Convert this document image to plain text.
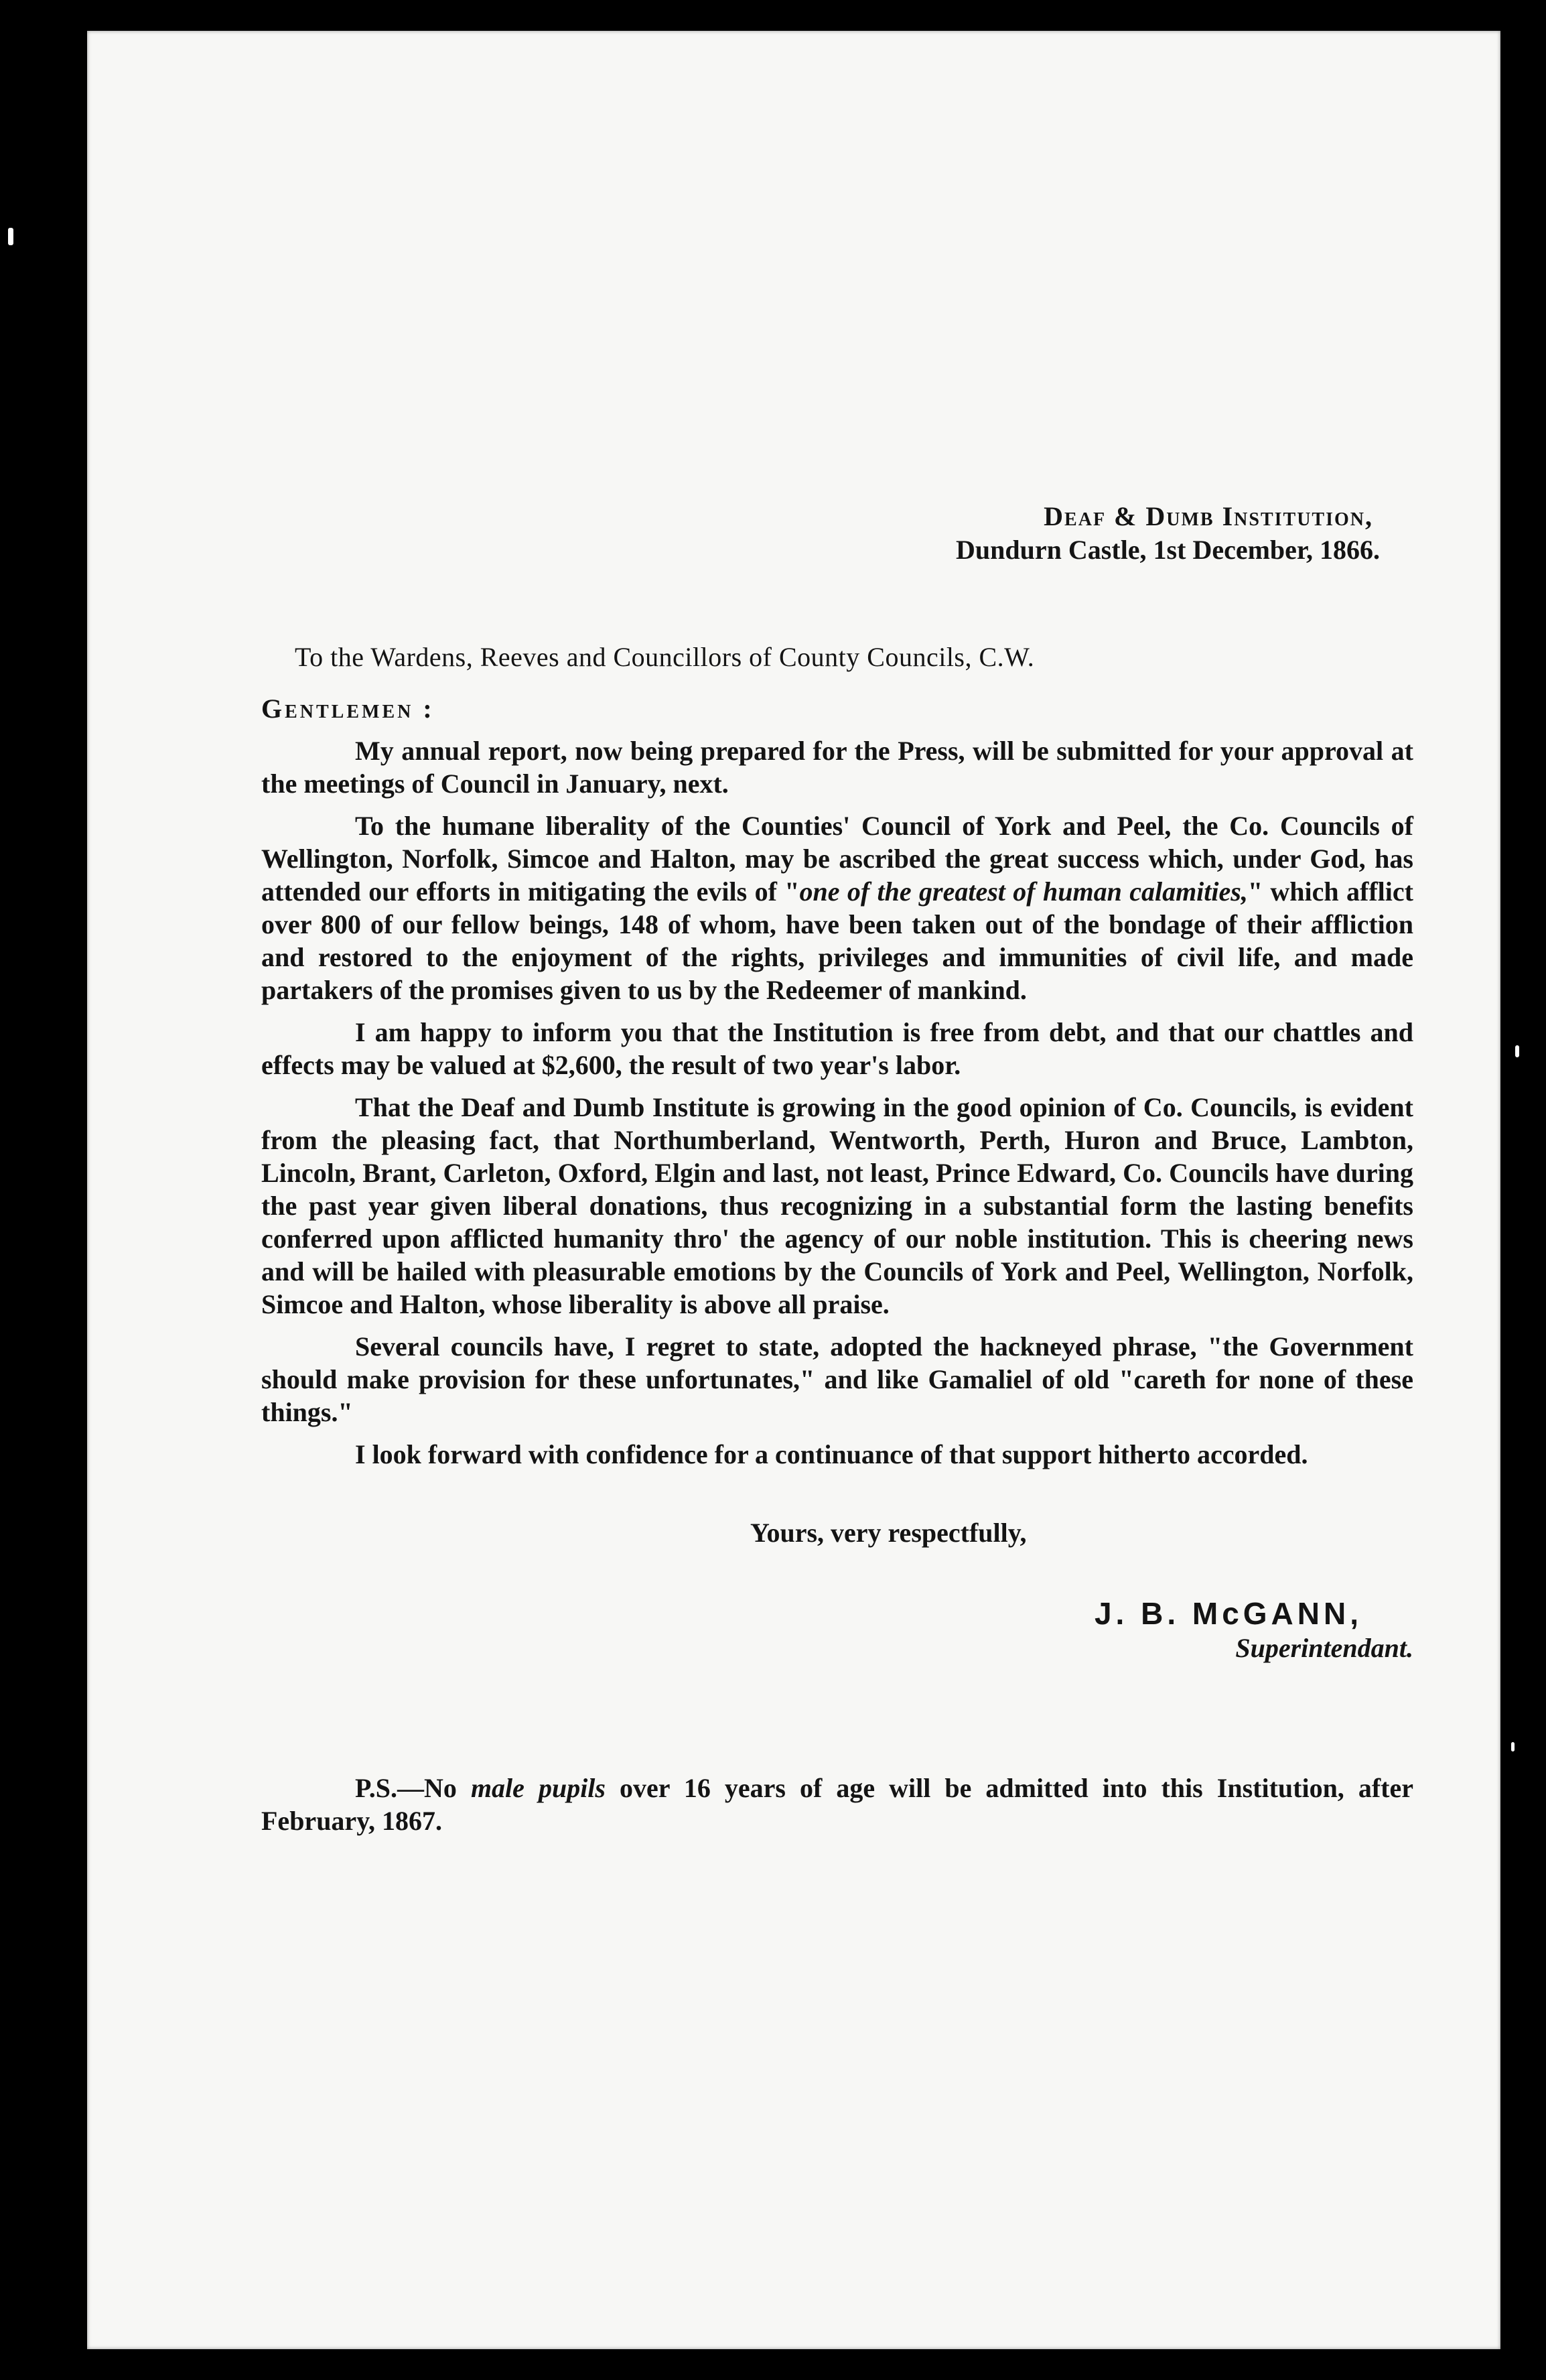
Deaf & Dumb Institution,
Dundurn Castle, 1st December, 1866.
To the Wardens, Reeves and Councillors of County Councils, C.W.
Gentlemen :

My annual report, now being prepared for the Press, will be submitted for your approval at the meetings of Council in January, next.

To the humane liberality of the Counties' Council of York and Peel, the Co. Councils of Wellington, Norfolk, Simcoe and Halton, may be ascribed the great success which, under God, has attended our efforts in mitigating the evils of "one of the greatest of human calamities," which afflict over 800 of our fellow beings, 148 of whom, have been taken out of the bondage of their affliction and restored to the enjoyment of the rights, privileges and immunities of civil life, and made partakers of the promises given to us by the Redeemer of mankind.

I am happy to inform you that the Institution is free from debt, and that our chattles and effects may be valued at $2,600, the result of two year's labor.

That the Deaf and Dumb Institute is growing in the good opinion of Co. Councils, is evident from the pleasing fact, that Northumberland, Wentworth, Perth, Huron and Bruce, Lambton, Lincoln, Brant, Carleton, Oxford, Elgin and last, not least, Prince Edward, Co. Councils have during the past year given liberal donations, thus recognizing in a substantial form the lasting benefits conferred upon afflicted humanity thro' the agency of our noble institution. This is cheering news and will be hailed with pleasurable emotions by the Councils of York and Peel, Wellington, Norfolk, Simcoe and Halton, whose liberality is above all praise.

Several councils have, I regret to state, adopted the hackneyed phrase, "the Government should make provision for these unfortunates," and like Gamaliel of old "careth for none of these things."

I look forward with confidence for a continuance of that support hitherto accorded.

Yours, very respectfully,
J. B. McGANN,
Superintendant.

P.S.—No male pupils over 16 years of age will be admitted into this Institution, after February, 1867.
